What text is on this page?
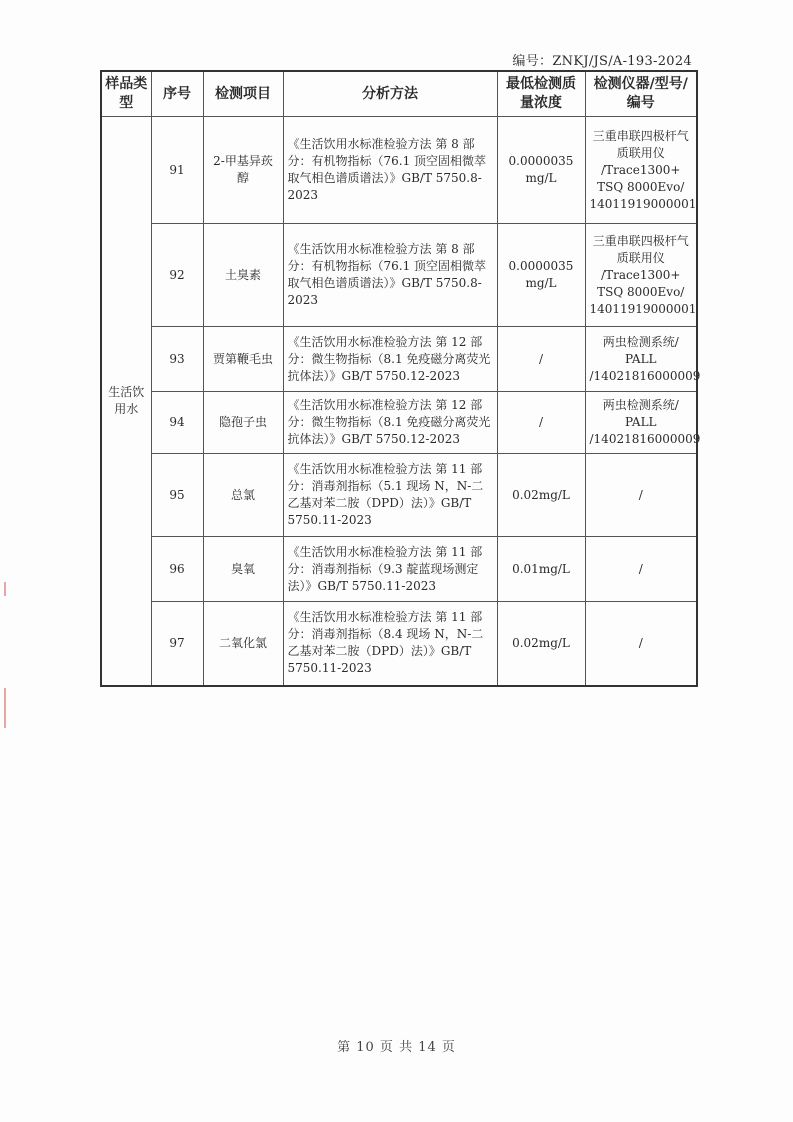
编号：ZNKJ/JS/A-193-2024
样品类型	序号	检测项目	分析方法	最低检测质量浓度	检测仪器/型号/编号
生活饮用水	91	2-甲基异莰醇	《生活饮用水标准检验方法 第 8 部分：有机物指标（76.1 顶空固相微萃取气相色谱质谱法）》GB/T 5750.8-2023	0.0000035 mg/L	三重串联四极杆气质联用仪 /Trace1300+ TSQ 8000Evo/ 14011919000001
	92	土臭素	《生活饮用水标准检验方法 第 8 部分：有机物指标（76.1 顶空固相微萃取气相色谱质谱法）》GB/T 5750.8-2023	0.0000035 mg/L	三重串联四极杆气质联用仪 /Trace1300+ TSQ 8000Evo/ 14011919000001
	93	贾第鞭毛虫	《生活饮用水标准检验方法 第 12 部分：微生物指标（8.1 免疫磁分离荧光抗体法）》GB/T 5750.12-2023	/	两虫检测系统/ PALL /14021816000009
	94	隐孢子虫	《生活饮用水标准检验方法 第 12 部分：微生物指标（8.1 免疫磁分离荧光抗体法）》GB/T 5750.12-2023	/	两虫检测系统/ PALL /14021816000009
	95	总氯	《生活饮用水标准检验方法 第 11 部分：消毒剂指标（5.1 现场 N，N-二乙基对苯二胺（DPD）法）》GB/T 5750.11-2023	0.02mg/L	/
	96	臭氧	《生活饮用水标准检验方法 第 11 部分：消毒剂指标（9.3 靛蓝现场测定法）》GB/T 5750.11-2023	0.01mg/L	/
	97	二氧化氯	《生活饮用水标准检验方法 第 11 部分：消毒剂指标（8.4 现场 N，N-二乙基对苯二胺（DPD）法）》GB/T 5750.11-2023	0.02mg/L	/
第 10 页 共 14 页
